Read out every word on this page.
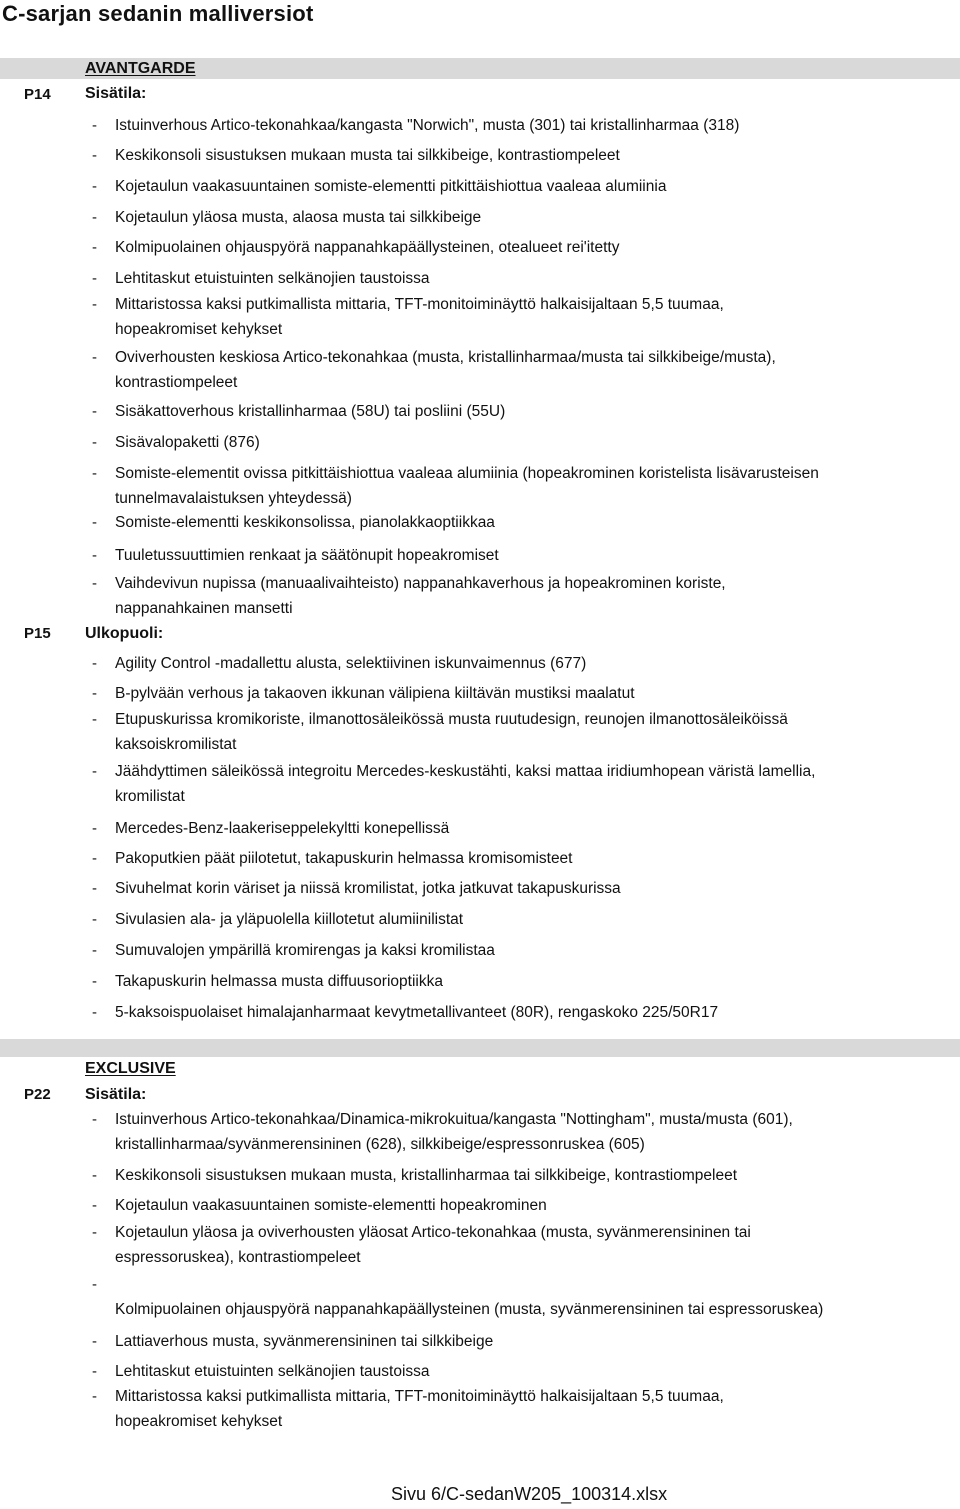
C-sarjan sedanin malliversiot
AVANTGARDE
P14 Sisätila:
- Istuinverhous Artico-tekonahkaa/kangasta "Norwich", musta (301) tai kristallinharmaa (318)
- Keskikonsoli sisustuksen mukaan musta tai silkkibeige, kontrastiompeleet
- Kojetaulun vaakasuuntainen somiste-elementti pitkittäishiottua vaaleaa alumiinia
- Kojetaulun yläosa musta, alaosa musta tai silkkibeige
- Kolmipuolainen ohjauspyörä nappanahkapäällysteinen, otealueet rei'itetty
- Lehtitaskut etuistuinten selkänojien taustoissa
- Mittaristossa kaksi putkimallista mittaria, TFT-monitoiminäyttö halkaisijaltaan 5,5 tuumaa,
hopeakromiset kehykset
- Oviverhousten keskiosa Artico-tekonahkaa (musta, kristallinharmaa/musta tai silkkibeige/musta),
kontrastiompeleet
- Sisäkattoverhous kristallinharmaa (58U) tai posliini (55U)
- Sisävalopaketti (876)
- Somiste-elementit ovissa pitkittäishiottua vaaleaa alumiinia (hopeakrominen koristelista lisävarusteisen
tunnelmavalaistuksen yhteydessä)
- Somiste-elementti keskikonsolissa, pianolakkaoptiikkaa
- Tuuletussuuttimien renkaat ja säätönupit hopeakromiset
- Vaihdevivun nupissa (manuaalivaihteisto) nappanahkaverhous ja hopeakrominen koriste,
nappanahkainen mansetti
P15 Ulkopuoli:
- Agility Control -madallettu alusta, selektiivinen iskunvaimennus (677)
- B-pylvään verhous ja takaoven ikkunan välipiena kiiltävän mustiksi maalatut
- Etupuskurissa kromikoriste, ilmanottosäleikössä musta ruutudesign, reunojen ilmanottosäleiköissä
kaksoiskromilistat
- Jäähdyttimen säleikössä integroitu Mercedes-keskustähti, kaksi mattaa iridiumhopean väristä lamellia,
kromilistat
- Mercedes-Benz-laakeriseppelekyltti konepellissä
- Pakoputkien päät piilotetut, takapuskurin helmassa kromisomisteet
- Sivuhelmat korin väriset ja niissä kromilistat, jotka jatkuvat takapuskurissa
- Sivulasien ala- ja yläpuolella kiillotetut alumiinilistat
- Sumuvalojen ympärillä kromirengas ja kaksi kromilistaa
- Takapuskurin helmassa musta diffuusorioptiikka
- 5-kaksoispuolaiset himalajanharmaat kevytmetallivanteet (80R), rengaskoko 225/50R17
EXCLUSIVE
P22 Sisätila:
- Istuinverhous Artico-tekonahkaa/Dinamica-mikrokuitua/kangasta "Nottingham", musta/musta (601),
kristallinharmaa/syvänmerensininen (628), silkkibeige/espressonruskea (605)
- Keskikonsoli sisustuksen mukaan musta, kristallinharmaa tai silkkibeige, kontrastiompeleet
- Kojetaulun vaakasuuntainen somiste-elementti hopeakrominen
- Kojetaulun yläosa ja oviverhousten yläosat Artico-tekonahkaa (musta, syvänmerensininen tai
espressoruskea), kontrastiompeleet
-
Kolmipuolainen ohjauspyörä nappanahkapäällysteinen (musta, syvänmerensininen tai espressoruskea)
- Lattiaverhous musta, syvänmerensininen tai silkkibeige
- Lehtitaskut etuistuinten selkänojien taustoissa
- Mittaristossa kaksi putkimallista mittaria, TFT-monitoiminäyttö halkaisijaltaan 5,5 tuumaa,
hopeakromiset kehykset
Sivu 6/C-sedanW205_100314.xlsx
